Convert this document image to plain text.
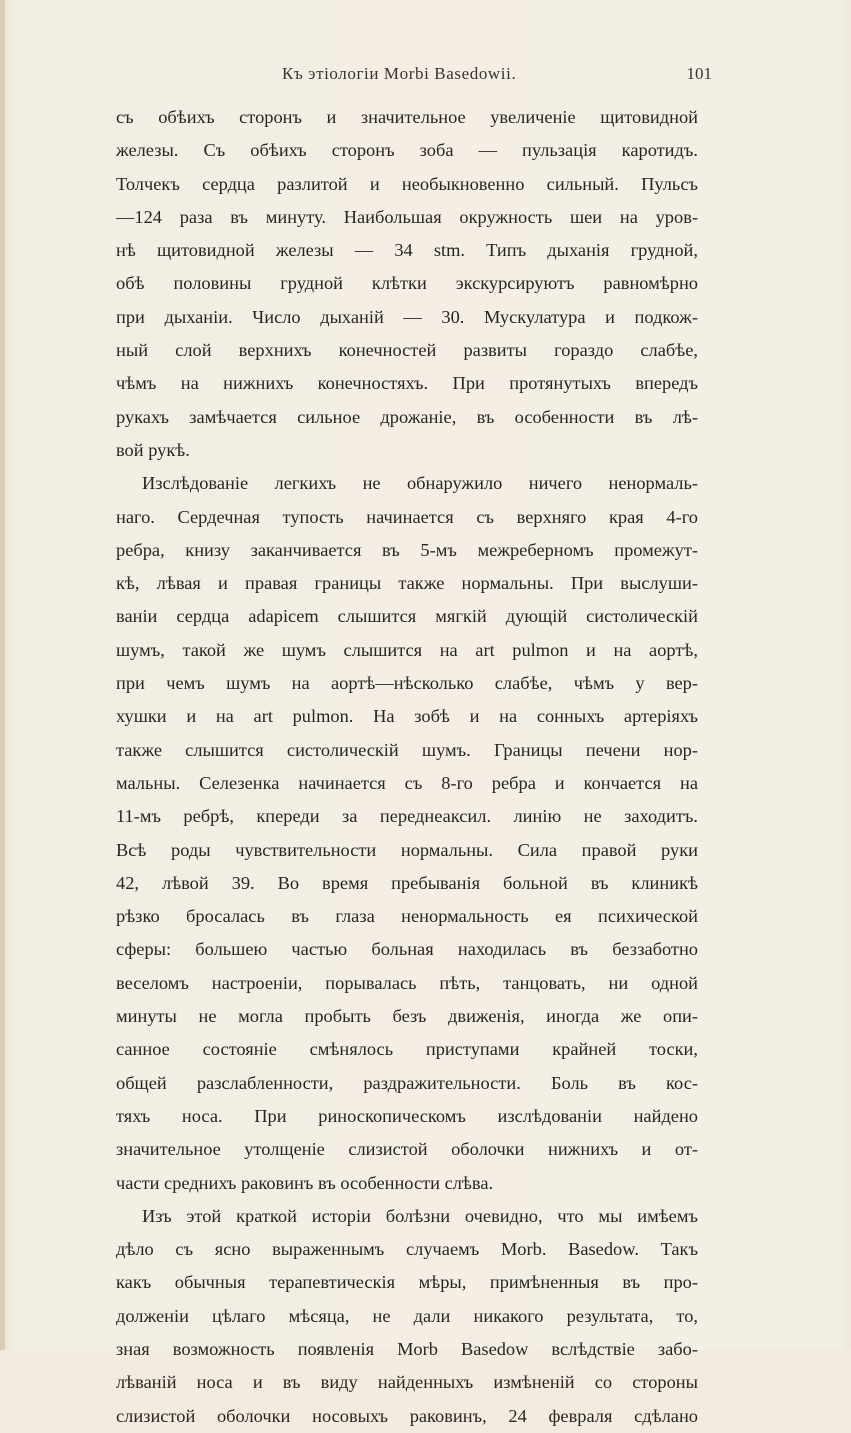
Къ этiологiи Morbi Basedowii.	101
съ обѣихъ сторонъ и значительное увеличенiе щитовидной
железы. Съ обѣихъ сторонъ зоба — пульзацiя каротидъ.
Толчекъ сердца разлитой и необыкновенно сильный. Пульсъ
—124 раза въ минуту. Наибольшая окружность шеи на уров-
нѣ щитовидной железы — 34 stm. Типъ дыханiя грудной,
обѣ половины грудной клѣтки экскурсируютъ равномѣрно
при дыханiи. Число дыханiй — 30. Мускулатура и подкож-
ный слой верхнихъ конечностей развиты гораздо слабѣе,
чѣмъ на нижнихъ конечностяхъ. При протянутыхъ впередъ
рукахъ замѣчается сильное дрожанiе, въ особенности въ лѣ-
вой рукѣ.
Изслѣдованiе легкихъ не обнаружило ничего ненормаль-
наго. Сердечная тупость начинается съ верхняго края 4-го
ребра, книзу заканчивается въ 5-мъ межреберномъ промежут-
кѣ, лѣвая и правая границы также нормальны. При выслуши-
ванiи сердца adapicem слышится мягкiй дующiй систолическiй
шумъ, такой же шумъ слышится на art pulmon и на аортѣ,
при чемъ шумъ на аортѣ—нѣсколько слабѣе, чѣмъ у вер-
хушки и на art pulmon. На зобѣ и на сонныхъ артерiяхъ
также слышится систолическiй шумъ. Границы печени нор-
мальны. Селезенка начинается съ 8-го ребра и кончается на
11-мъ ребрѣ, кпереди за переднеаксил. линiю не заходитъ.
Всѣ роды чувствительности нормальны. Сила правой руки
42, лѣвой 39. Во время пребыванiя больной въ клиникѣ
рѣзко бросалась въ глаза ненормальность ея психической
сферы: большею частью больная находилась въ беззаботно
веселомъ настроенiи, порывалась пѣть, танцовать, ни одной
минуты не могла пробыть безъ движенiя, иногда же опи-
санное состоянiе смѣнялось приступами крайней тоски,
общей разслабленности, раздражительности. Боль въ кос-
тяхъ носа. При риноскопическомъ изслѣдованiи найдено
значительное утолщенiе слизистой оболочки нижнихъ и от-
части среднихъ раковинъ въ особенности слѣва.
Изъ этой краткой исторiи болѣзни очевидно, что мы имѣемъ
дѣло съ ясно выраженнымъ случаемъ Morb. Basedow. Такъ
какъ обычныя терапевтическiя мѣры, примѣненныя въ про-
долженiи цѣлаго мѣсяца, не дали никакого результата, то,
зная возможность появленiя Morb Basedow вслѣдствiе забо-
лѣванiй носа и въ виду найденныхъ измѣненiй со стороны
слизистой оболочки носовыхъ раковинъ, 24 февраля сдѣлано
